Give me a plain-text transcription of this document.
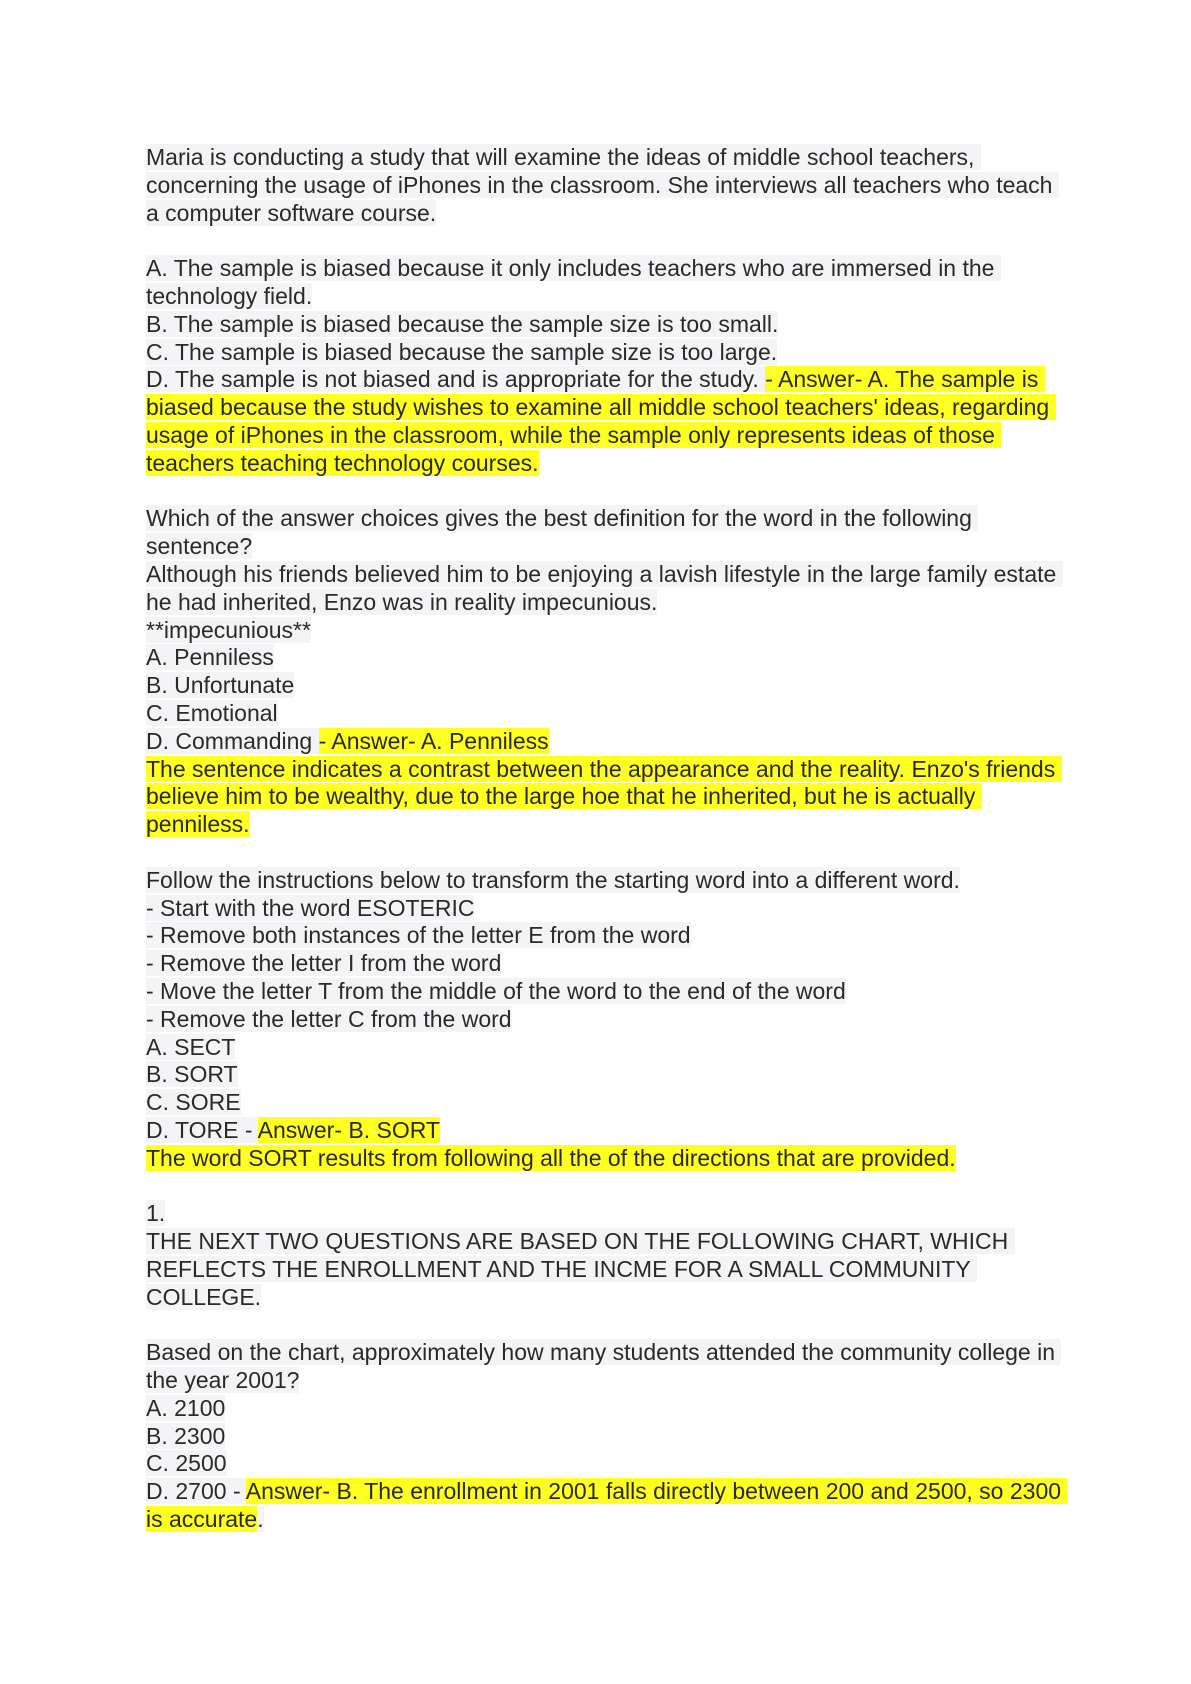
Maria is conducting a study that will examine the ideas of middle school teachers, concerning the usage of iPhones in the classroom. She interviews all teachers who teach a computer software course.

A. The sample is biased because it only includes teachers who are immersed in the technology field.
B. The sample is biased because the sample size is too small.
C. The sample is biased because the sample size is too large.
D. The sample is not biased and is appropriate for the study. - Answer- A. The sample is biased because the study wishes to examine all middle school teachers' ideas, regarding usage of iPhones in the classroom, while the sample only represents ideas of those teachers teaching technology courses.
Which of the answer choices gives the best definition for the word in the following sentence?
Although his friends believed him to be enjoying a lavish lifestyle in the large family estate he had inherited, Enzo was in reality impecunious.
**impecunious**
A. Penniless
B. Unfortunate
C. Emotional
D. Commanding - Answer- A. Penniless
The sentence indicates a contrast between the appearance and the reality. Enzo's friends believe him to be wealthy, due to the large hoe that he inherited, but he is actually penniless.
Follow the instructions below to transform the starting word into a different word.
- Start with the word ESOTERIC
- Remove both instances of the letter E from the word
- Remove the letter I from the word
- Move the letter T from the middle of the word to the end of the word
- Remove the letter C from the word
A. SECT
B. SORT
C. SORE
D. TORE - Answer- B. SORT
The word SORT results from following all the of the directions that are provided.
1.
THE NEXT TWO QUESTIONS ARE BASED ON THE FOLLOWING CHART, WHICH REFLECTS THE ENROLLMENT AND THE INCME FOR A SMALL COMMUNITY COLLEGE.
Based on the chart, approximately how many students attended the community college in the year 2001?
A. 2100
B. 2300
C. 2500
D. 2700 - Answer- B. The enrollment in 2001 falls directly between 200 and 2500, so 2300 is accurate.
